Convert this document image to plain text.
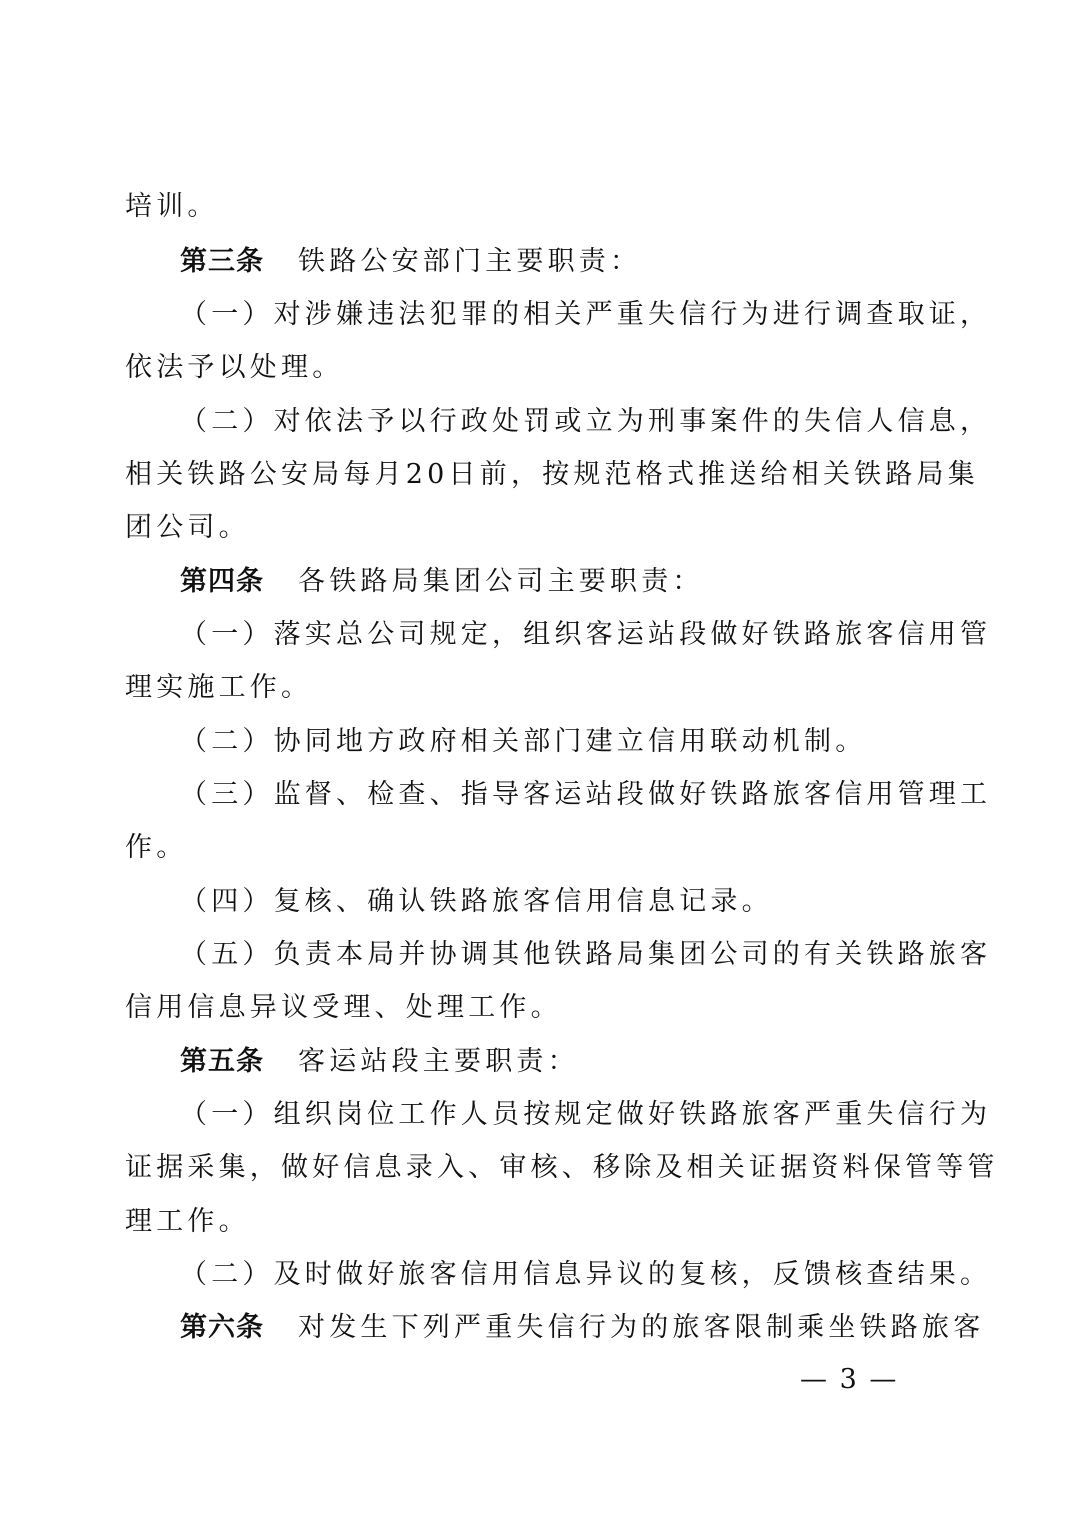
培训。
第三条 铁路公安部门主要职责：
（一）对涉嫌违法犯罪的相关严重失信行为进行调查取证，
依法予以处理。
（二）对依法予以行政处罚或立为刑事案件的失信人信息，
相关铁路公安局每月20日前，按规范格式推送给相关铁路局集
团公司。
第四条 各铁路局集团公司主要职责：
（一）落实总公司规定，组织客运站段做好铁路旅客信用管
理实施工作。
（二）协同地方政府相关部门建立信用联动机制。
（三）监督、检查、指导客运站段做好铁路旅客信用管理工
作。
（四）复核、确认铁路旅客信用信息记录。
（五）负责本局并协调其他铁路局集团公司的有关铁路旅客
信用信息异议受理、处理工作。
第五条 客运站段主要职责：
（一）组织岗位工作人员按规定做好铁路旅客严重失信行为
证据采集，做好信息录入、审核、移除及相关证据资料保管等管
理工作。
（二）及时做好旅客信用信息异议的复核，反馈核查结果。
第六条 对发生下列严重失信行为的旅客限制乘坐铁路旅客
— 3 —
